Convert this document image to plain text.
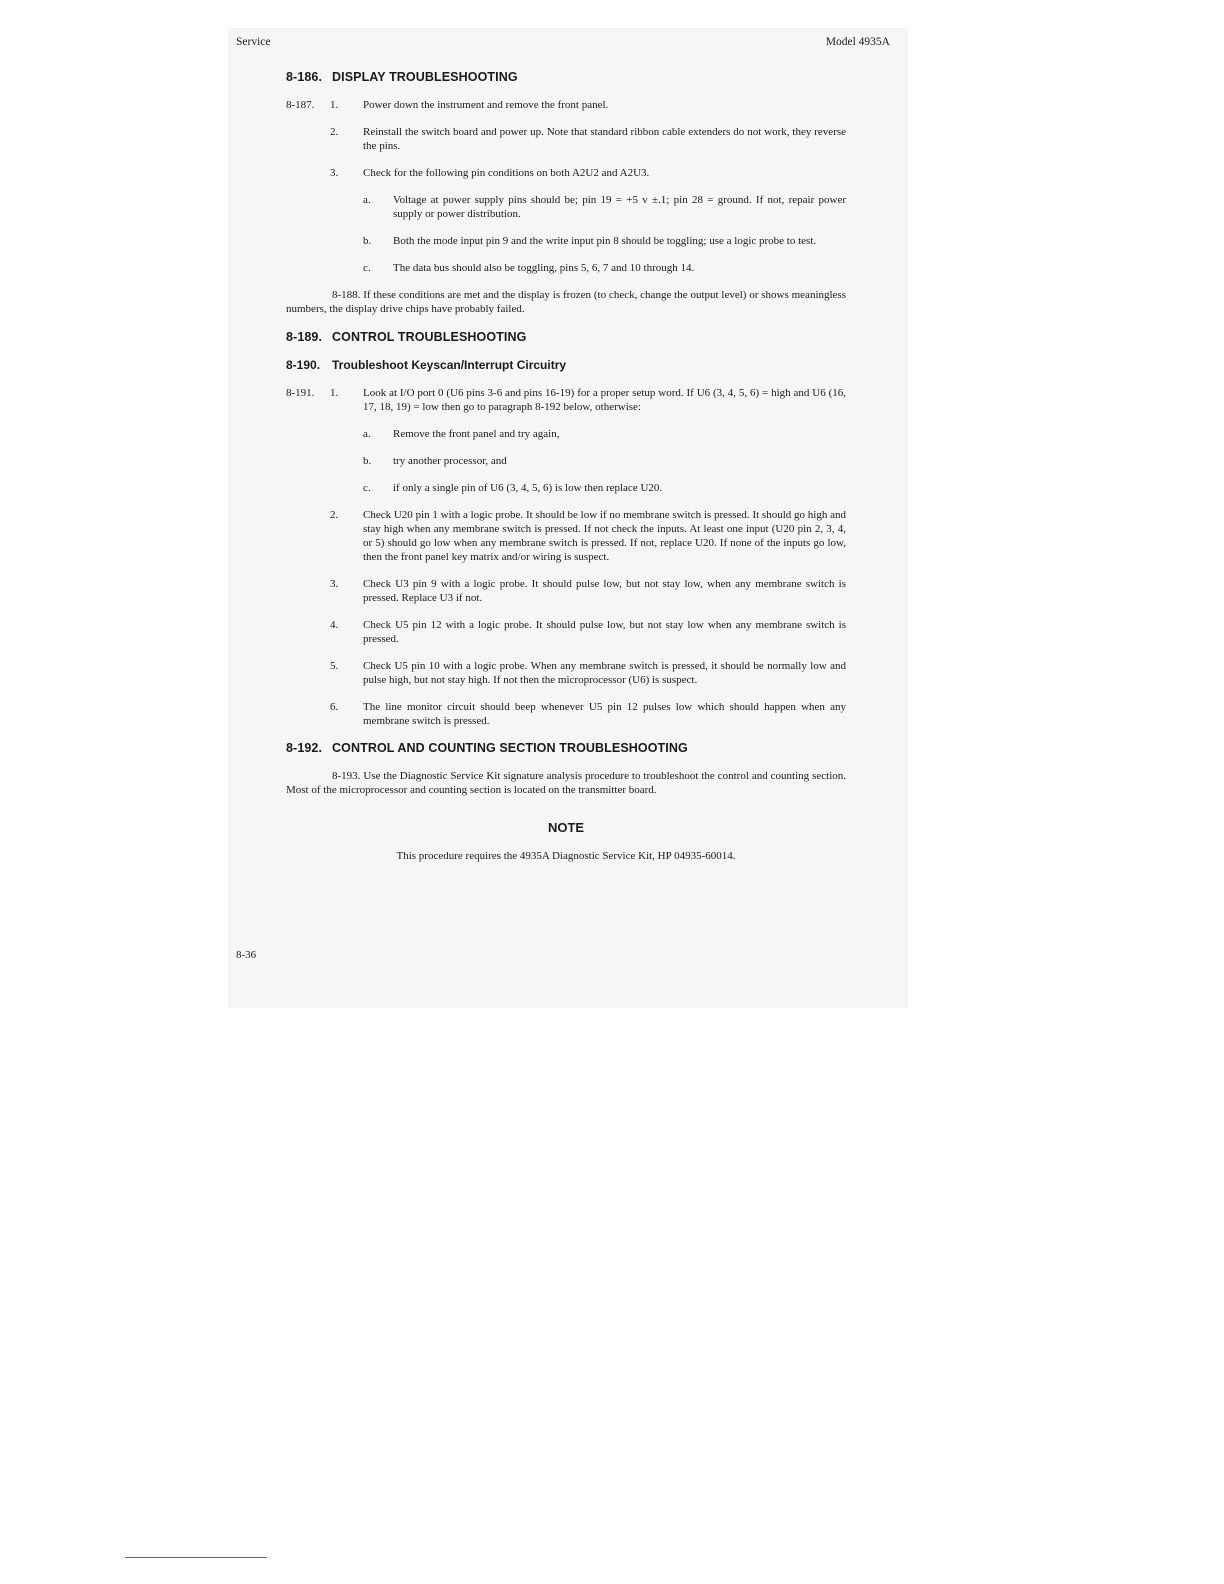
Service	Model 4935A
8-186. DISPLAY TROUBLESHOOTING
8-187. 1. Power down the instrument and remove the front panel.
2. Reinstall the switch board and power up. Note that standard ribbon cable extenders do not work, they reverse the pins.
3. Check for the following pin conditions on both A2U2 and A2U3.
a. Voltage at power supply pins should be; pin 19 = +5 v ±.1; pin 28 = ground. If not, repair power supply or power distribution.
b. Both the mode input pin 9 and the write input pin 8 should be toggling; use a logic probe to test.
c. The data bus should also be toggling, pins 5, 6, 7 and 10 through 14.
8-188. If these conditions are met and the display is frozen (to check, change the output level) or shows meaningless numbers, the display drive chips have probably failed.
8-189. CONTROL TROUBLESHOOTING
8-190. Troubleshoot Keyscan/Interrupt Circuitry
8-191. 1. Look at I/O port 0 (U6 pins 3-6 and pins 16-19) for a proper setup word. If U6 (3, 4, 5, 6) = high and U6 (16, 17, 18, 19) = low then go to paragraph 8-192 below, otherwise:
a. Remove the front panel and try again,
b. try another processor, and
c. if only a single pin of U6 (3, 4, 5, 6) is low then replace U20.
2. Check U20 pin 1 with a logic probe. It should be low if no membrane switch is pressed. It should go high and stay high when any membrane switch is pressed. If not check the inputs. At least one input (U20 pin 2, 3, 4, or 5) should go low when any membrane switch is pressed. If not, replace U20. If none of the inputs go low, then the front panel key matrix and/or wiring is suspect.
3. Check U3 pin 9 with a logic probe. It should pulse low, but not stay low, when any membrane switch is pressed. Replace U3 if not.
4. Check U5 pin 12 with a logic probe. It should pulse low, but not stay low when any membrane switch is pressed.
5. Check U5 pin 10 with a logic probe. When any membrane switch is pressed, it should be normally low and pulse high, but not stay high. If not then the microprocessor (U6) is suspect.
6. The line monitor circuit should beep whenever U5 pin 12 pulses low which should happen when any membrane switch is pressed.
8-192. CONTROL AND COUNTING SECTION TROUBLESHOOTING
8-193. Use the Diagnostic Service Kit signature analysis procedure to troubleshoot the control and counting section. Most of the microprocessor and counting section is located on the transmitter board.
NOTE

This procedure requires the 4935A Diagnostic Service Kit, HP 04935-60014.

8-36
